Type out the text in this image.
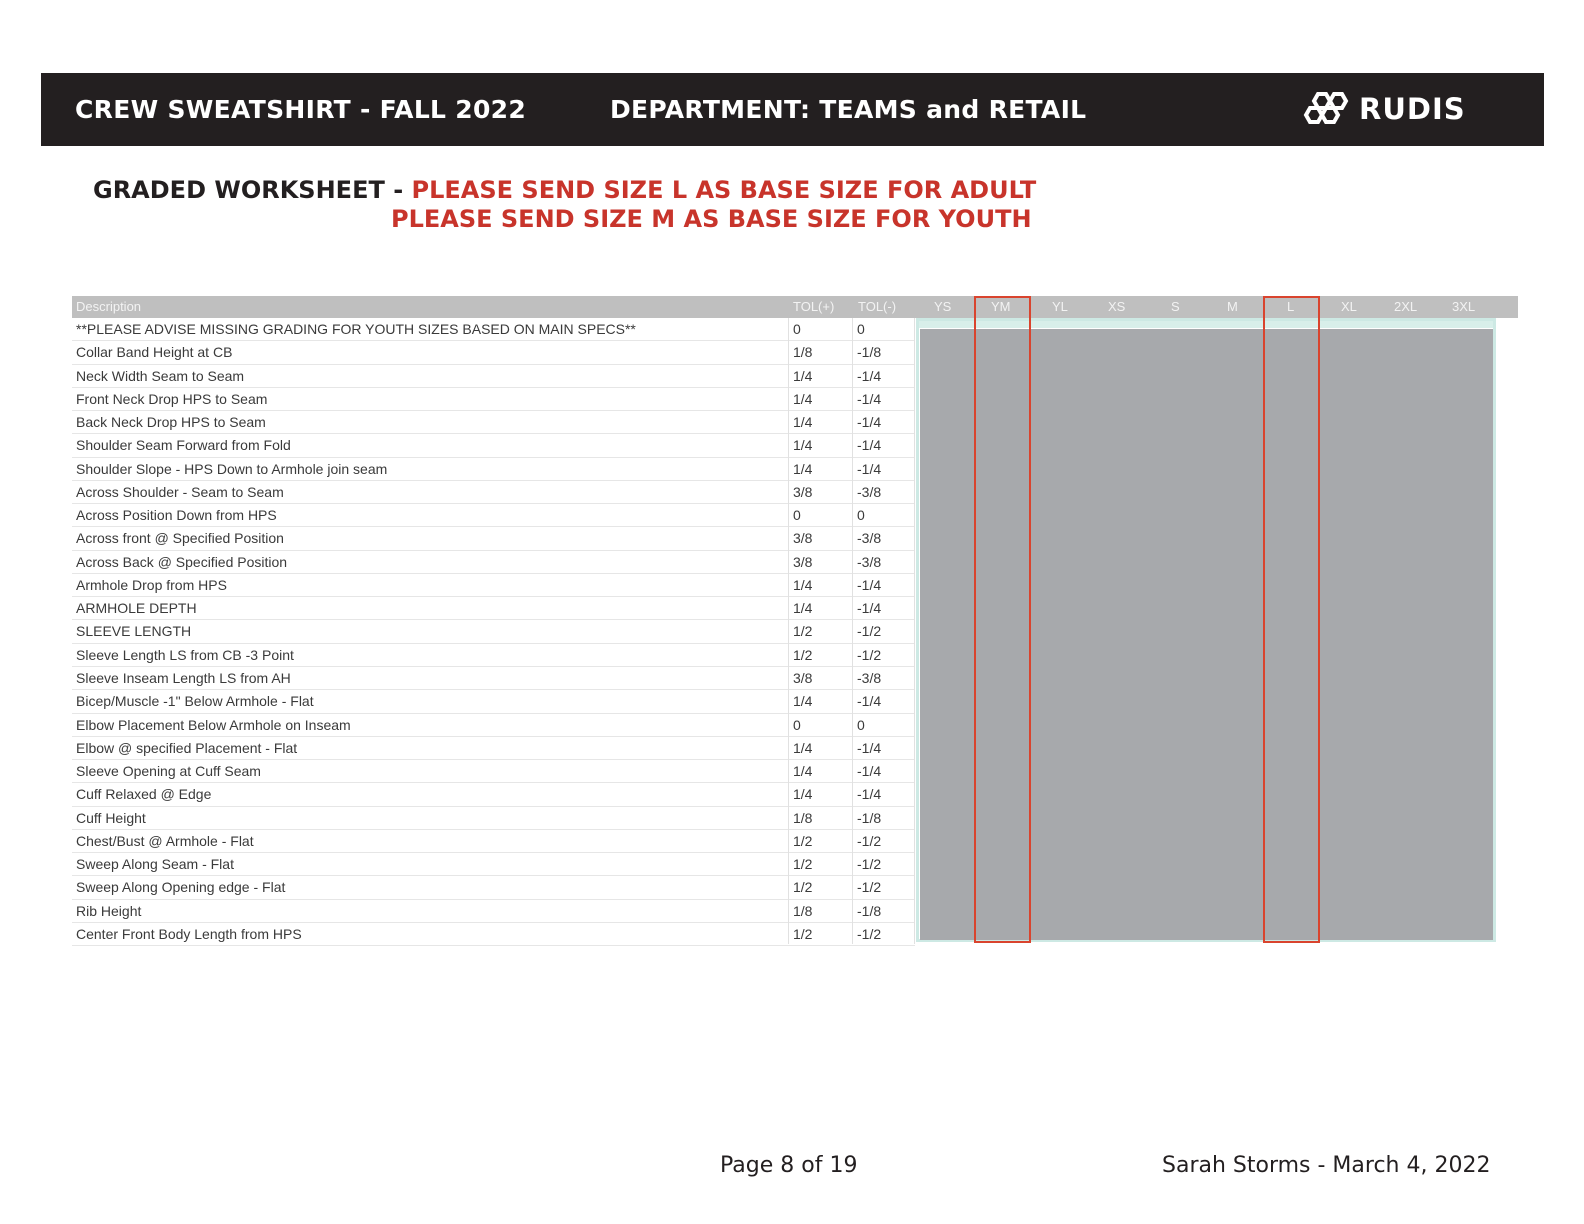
CREW SWEATSHIRT - FALL 2022	DEPARTMENT: TEAMS and RETAIL	RUDIS
GRADED WORKSHEET - PLEASE SEND SIZE L AS BASE SIZE FOR ADULT
PLEASE SEND SIZE M AS BASE SIZE FOR YOUTH
Description	TOL(+) TOL(-)	YS	YM	YL	XS	S	M	L	XL	2XL	3XL
**PLEASE ADVISE MISSING GRADING FOR YOUTH SIZES BASED ON MAIN SPECS**	0	0
Collar Band Height at CB	1/8	-1/8
Neck Width Seam to Seam	1/4	-1/4
Front Neck Drop HPS to Seam	1/4	-1/4
Back Neck Drop HPS to Seam	1/4	-1/4
Shoulder Seam Forward from Fold	1/4	-1/4
Shoulder Slope - HPS Down to Armhole join seam	1/4	-1/4
Across Shoulder - Seam to Seam	3/8	-3/8
Across Position Down from HPS	0	0
Across front @ Specified Position	3/8	-3/8
Across Back @ Specified Position	3/8	-3/8
Armhole Drop from HPS	1/4	-1/4
ARMHOLE DEPTH	1/4	-1/4
SLEEVE LENGTH	1/2	-1/2
Sleeve Length LS from CB -3 Point	1/2	-1/2
Sleeve Inseam Length LS from AH	3/8	-3/8
Bicep/Muscle -1" Below Armhole - Flat	1/4	-1/4
Elbow Placement Below Armhole on Inseam	0	0
Elbow @ specified Placement - Flat	1/4	-1/4
Sleeve Opening at Cuff Seam	1/4	-1/4
Cuff Relaxed @ Edge	1/4	-1/4
Cuff Height	1/8	-1/8
Chest/Bust @ Armhole - Flat	1/2	-1/2
Sweep Along Seam - Flat	1/2	-1/2
Sweep Along Opening edge - Flat	1/2	-1/2
Rib Height	1/8	-1/8
Center Front Body Length from HPS	1/2	-1/2
Page 8 of 19	Sarah Storms - March 4, 2022
